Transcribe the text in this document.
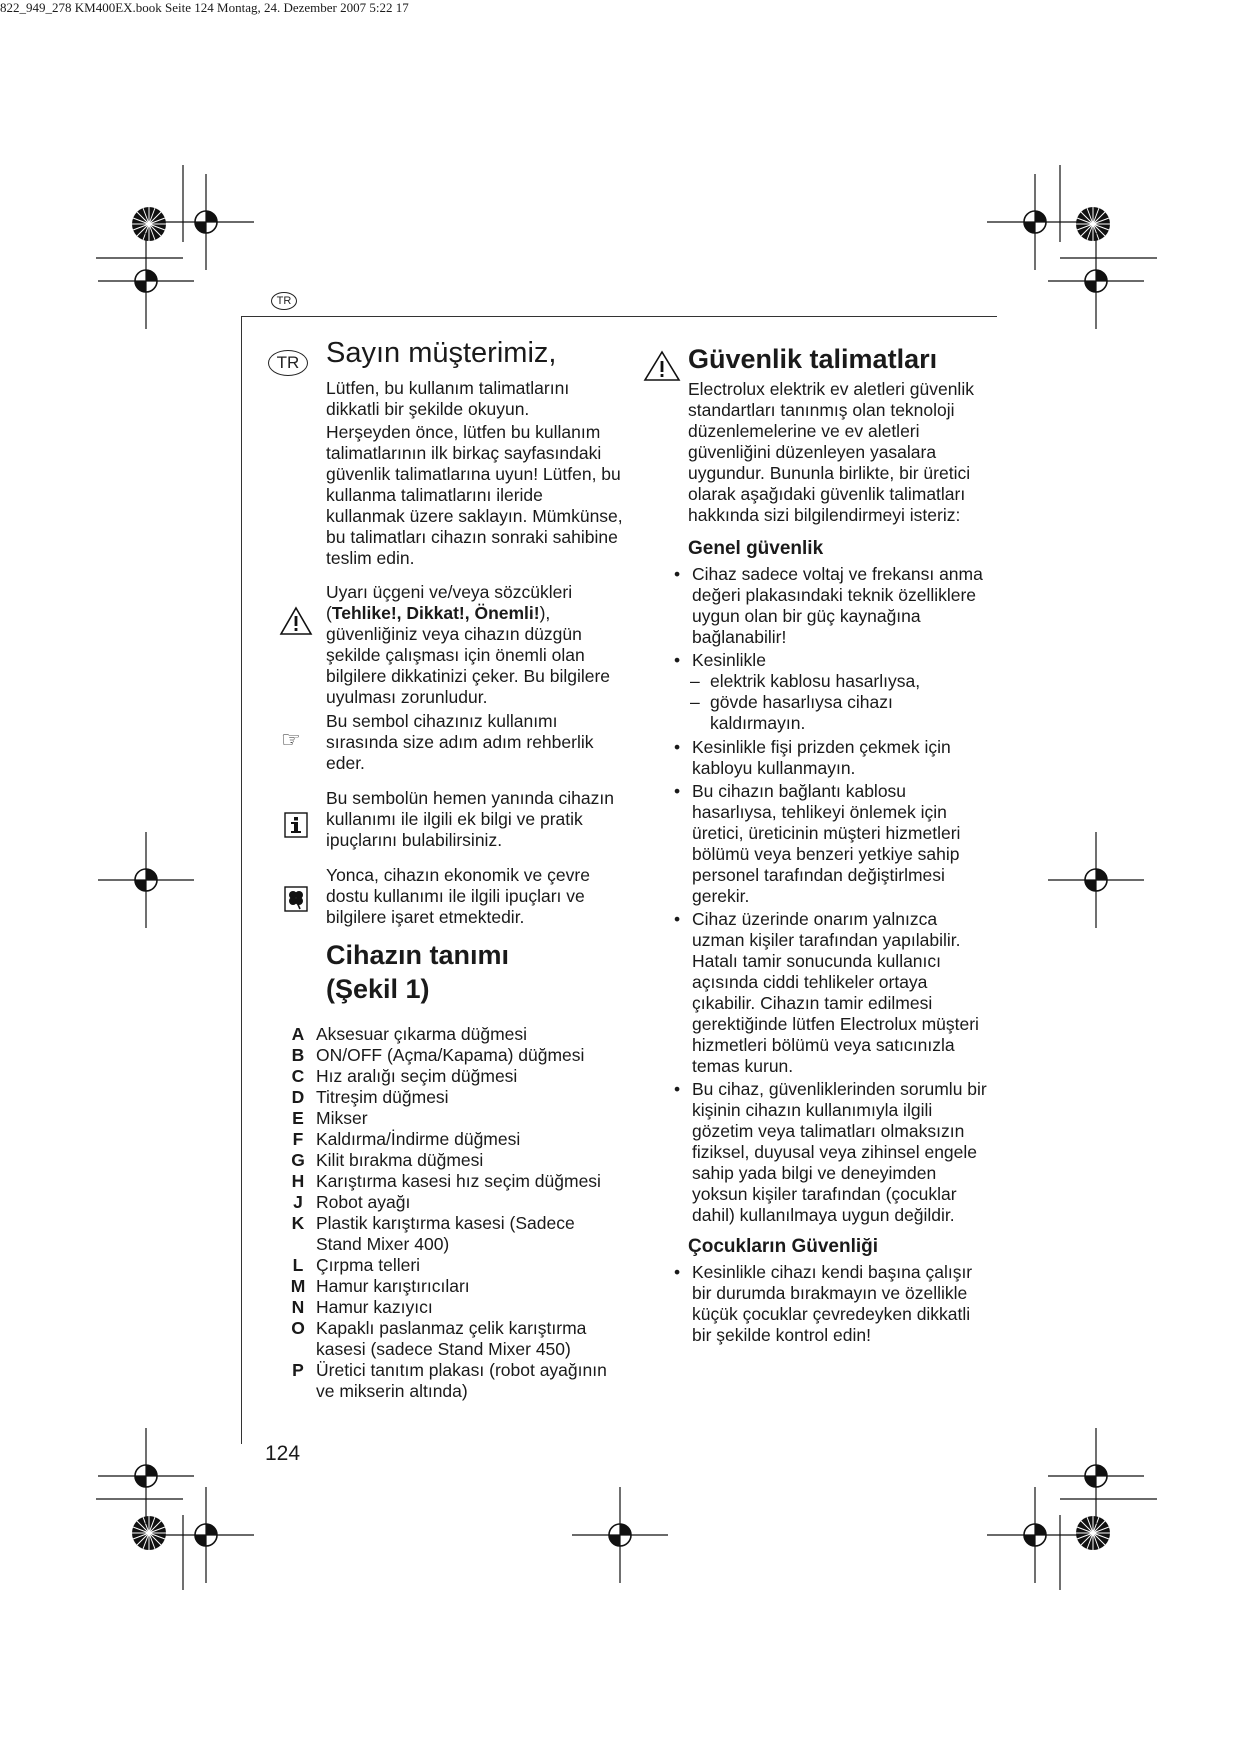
822_949_278 KM400EX.book Seite 124 Montag, 24. Dezember 2007 5:22 17
TR
TR Sayın müşterimiz,

Lütfen, bu kullanım talimatlarını dikkatli bir şekilde okuyun.

Herşeyden önce, lütfen bu kullanım talimatlarının ilk birkaç sayfasındaki güvenlik talimatlarına uyun! Lütfen, bu kullanma talimatlarını ileride kullanmak üzere saklayın. Mümkünse, bu talimatları cihazın sonraki sahibine teslim edin.

Uyarı üçgeni ve/veya sözcükleri (Tehlike!, Dikkat!, Önemli!), güvenliğiniz veya cihazın düzgün şekilde çalışması için önemli olan bilgilere dikkatinizi çeker. Bu bilgilere uyulması zorunludur.

Bu sembol cihazınız kullanımı sırasında size adım adım rehberlik eder.

Bu sembolün hemen yanında cihazın kullanımı ile ilgili ek bilgi ve pratik ipuçlarını bulabilirsiniz.

Yonca, cihazın ekonomik ve çevre dostu kullanımı ile ilgili ipuçları ve bilgilere işaret etmektedir.

Cihazın tanımı
(Şekil 1)
☞
A Aksesuar çıkarma düğmesi
B ON/OFF (Açma/Kapama) düğmesi
C Hız aralığı seçim düğmesi
D Titreşim düğmesi
E Mikser
F Kaldırma/İndirme düğmesi
G Kilit bırakma düğmesi
H Karıştırma kasesi hız seçim düğmesi
J Robot ayağı
K Plastik karıştırma kasesi (Sadece Stand Mixer 400)
L Çırpma telleri
M Hamur karıştırıcıları
N Hamur kazıyıcı
O Kapaklı paslanmaz çelik karıştırma kasesi (sadece Stand Mixer 450)
P Üretici tanıtım plakası (robot ayağının ve mikserin altında)
Güvenlik talimatları

Electrolux elektrik ev aletleri güvenlik standartları tanınmış olan teknoloji düzenlemelerine ve ev aletleri güvenliğini düzenleyen yasalara uygundur. Bununla birlikte, bir üretici olarak aşağıdaki güvenlik talimatları hakkında sizi bilgilendirmeyi isteriz:

Genel güvenlik

• Cihaz sadece voltaj ve frekansı anma değeri plakasındaki teknik özelliklere uygun olan bir güç kaynağına bağlanabilir!

• Kesinlikle

– elektrik kablosu hasarlıysa,

– gövde hasarlıysa cihazı kaldırmayın.

• Kesinlikle fişi prizden çekmek için kabloyu kullanmayın.

• Bu cihazın bağlantı kablosu hasarlıysa, tehlikeyi önlemek için üretici, üreticinin müşteri hizmetleri bölümü veya benzeri yetkiye sahip personel tarafından değiştirlmesi gerekir.

• Cihaz üzerinde onarım yalnızca uzman kişiler tarafından yapılabilir. Hatalı tamir sonucunda kullanıcı açısında ciddi tehlikeler ortaya çıkabilir. Cihazın tamir edilmesi gerektiğinde lütfen Electrolux müşteri hizmetleri bölümü veya satıcınızla temas kurun.

• Bu cihaz, güvenliklerinden sorumlu bir kişinin cihazın kullanımıyla ilgili gözetim veya talimatları olmaksızın fiziksel, duyusal veya zihinsel engele sahip yada bilgi ve deneyimden yoksun kişiler tarafından (çocuklar dahil) kullanılmaya uygun değildir.

Çocukların Güvenliği

• Kesinlikle cihazı kendi başına çalışır bir durumda bırakmayın ve özellikle küçük çocuklar çevredeyken dikkatli bir şekilde kontrol edin!

124
